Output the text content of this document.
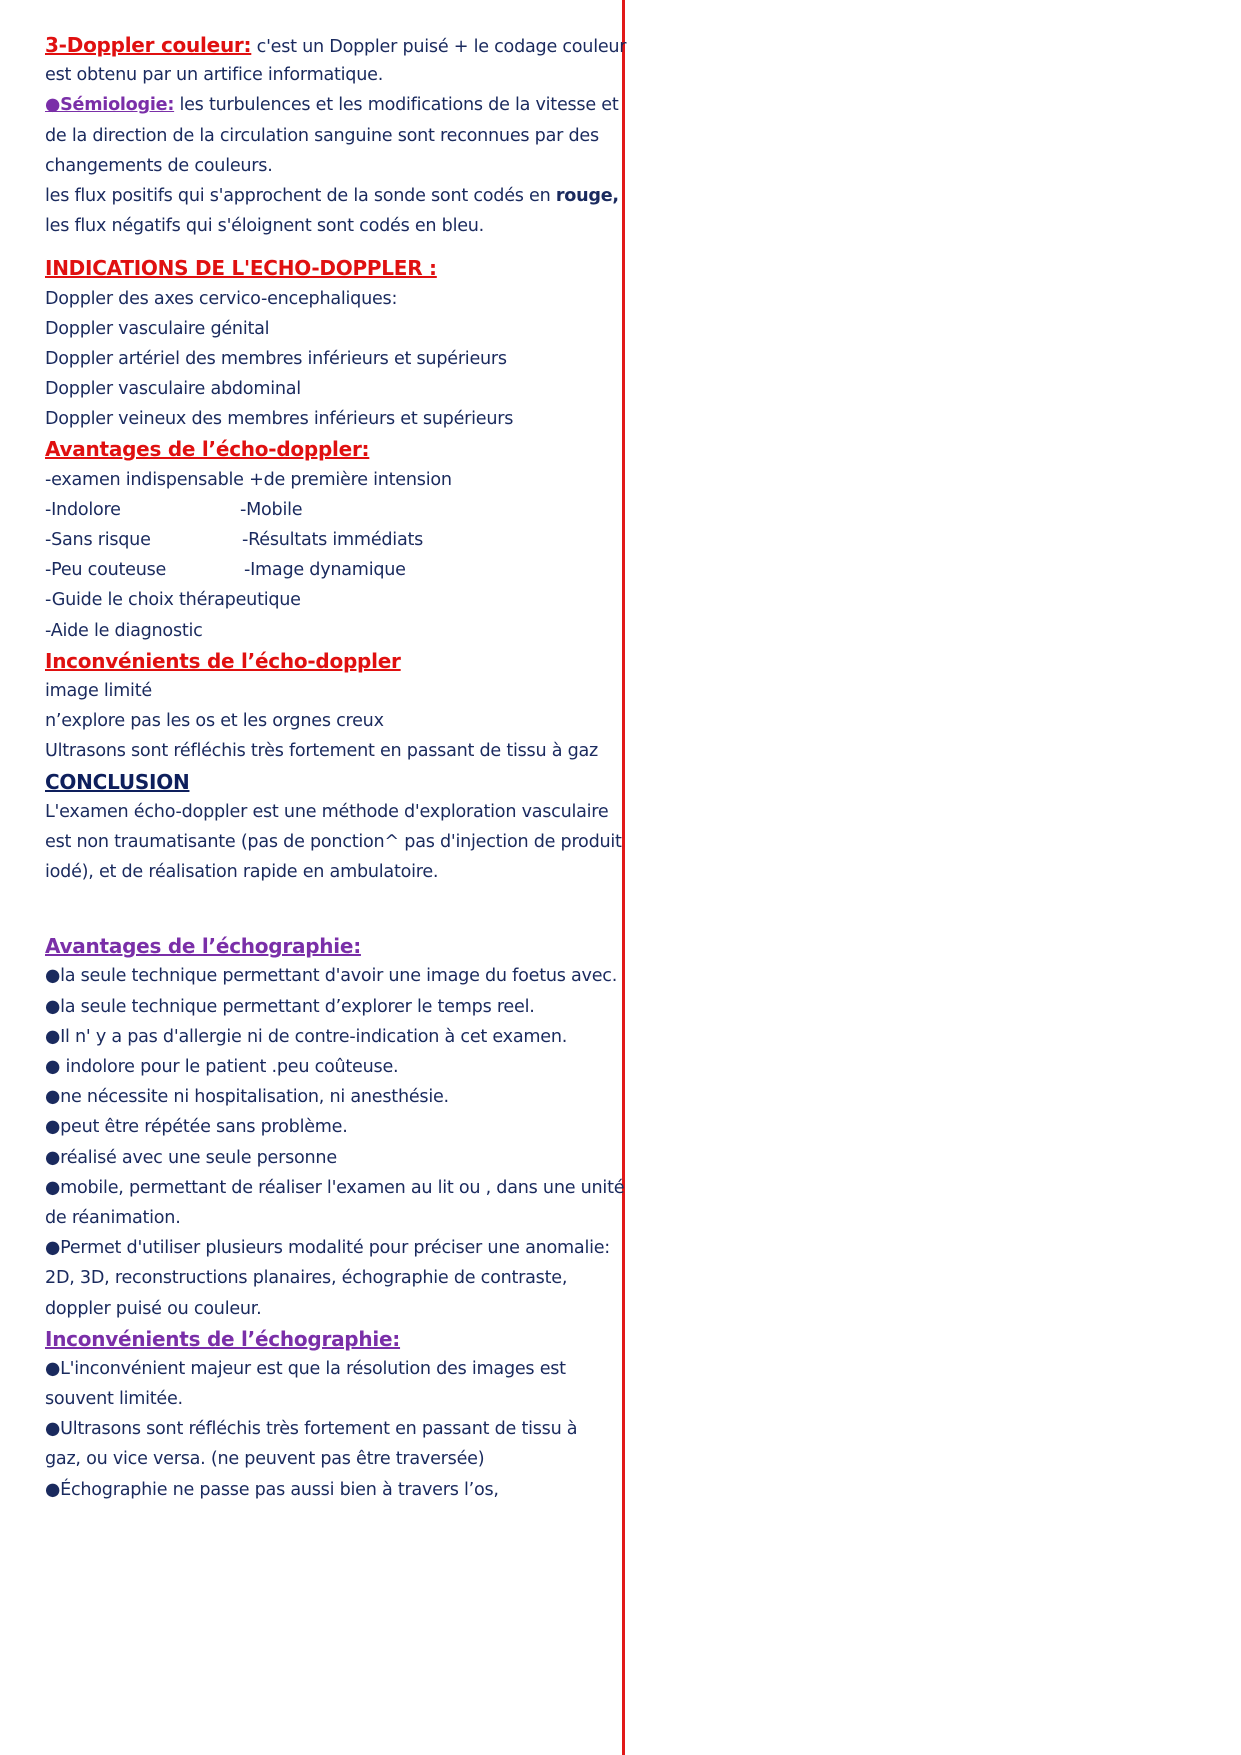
3-Doppler couleur: c'est un Doppler puisé + le codage couleur
est obtenu par un artifice informatique.
●Sémiologie: les turbulences et les modifications de la vitesse et
de la direction de la circulation sanguine sont reconnues par des
changements de couleurs.
les flux positifs qui s'approchent de la sonde sont codés en rouge,
les flux négatifs qui s'éloignent sont codés en bleu.
INDICATIONS DE L'ECHO-DOPPLER :
Doppler des axes cervico-encephaliques:
Doppler vasculaire génital
Doppler artériel des membres inférieurs et supérieurs
Doppler vasculaire abdominal
Doppler veineux des membres inférieurs et supérieurs
Avantages de l’écho-doppler:
-examen indispensable +de première intension
-Indolore	-Mobile
-Sans risque	-Résultats immédiats
-Peu couteuse	-Image dynamique
-Guide le choix thérapeutique
-Aide le diagnostic
Inconvénients de l’écho-doppler
image limité
n’explore pas les os et les orgnes creux
Ultrasons sont réfléchis très fortement en passant de tissu à gaz
CONCLUSION
L'examen écho-doppler est une méthode d'exploration vasculaire
est non traumatisante (pas de ponction^ pas d'injection de produit
iodé), et de réalisation rapide en ambulatoire.
Avantages de l’échographie:
●la seule technique permettant d'avoir une image du foetus avec.
●la seule technique permettant d’explorer le temps reel.
●Il n' y a pas d'allergie ni de contre-indication à cet examen.
● indolore pour le patient .peu coûteuse.
●ne nécessite ni hospitalisation, ni anesthésie.
●peut être répétée sans problème.
●réalisé avec une seule personne
●mobile, permettant de réaliser l'examen au lit ou , dans une unité
de réanimation.
●Permet d'utiliser plusieurs modalité pour préciser une anomalie:
2D, 3D, reconstructions planaires, échographie de contraste,
doppler puisé ou couleur.
Inconvénients de l’échographie:
●L'inconvénient majeur est que la résolution des images est
souvent limitée.
●Ultrasons sont réfléchis très fortement en passant de tissu à
gaz, ou vice versa. (ne peuvent pas être traversée)
●Échographie ne passe pas aussi bien à travers l’os,
